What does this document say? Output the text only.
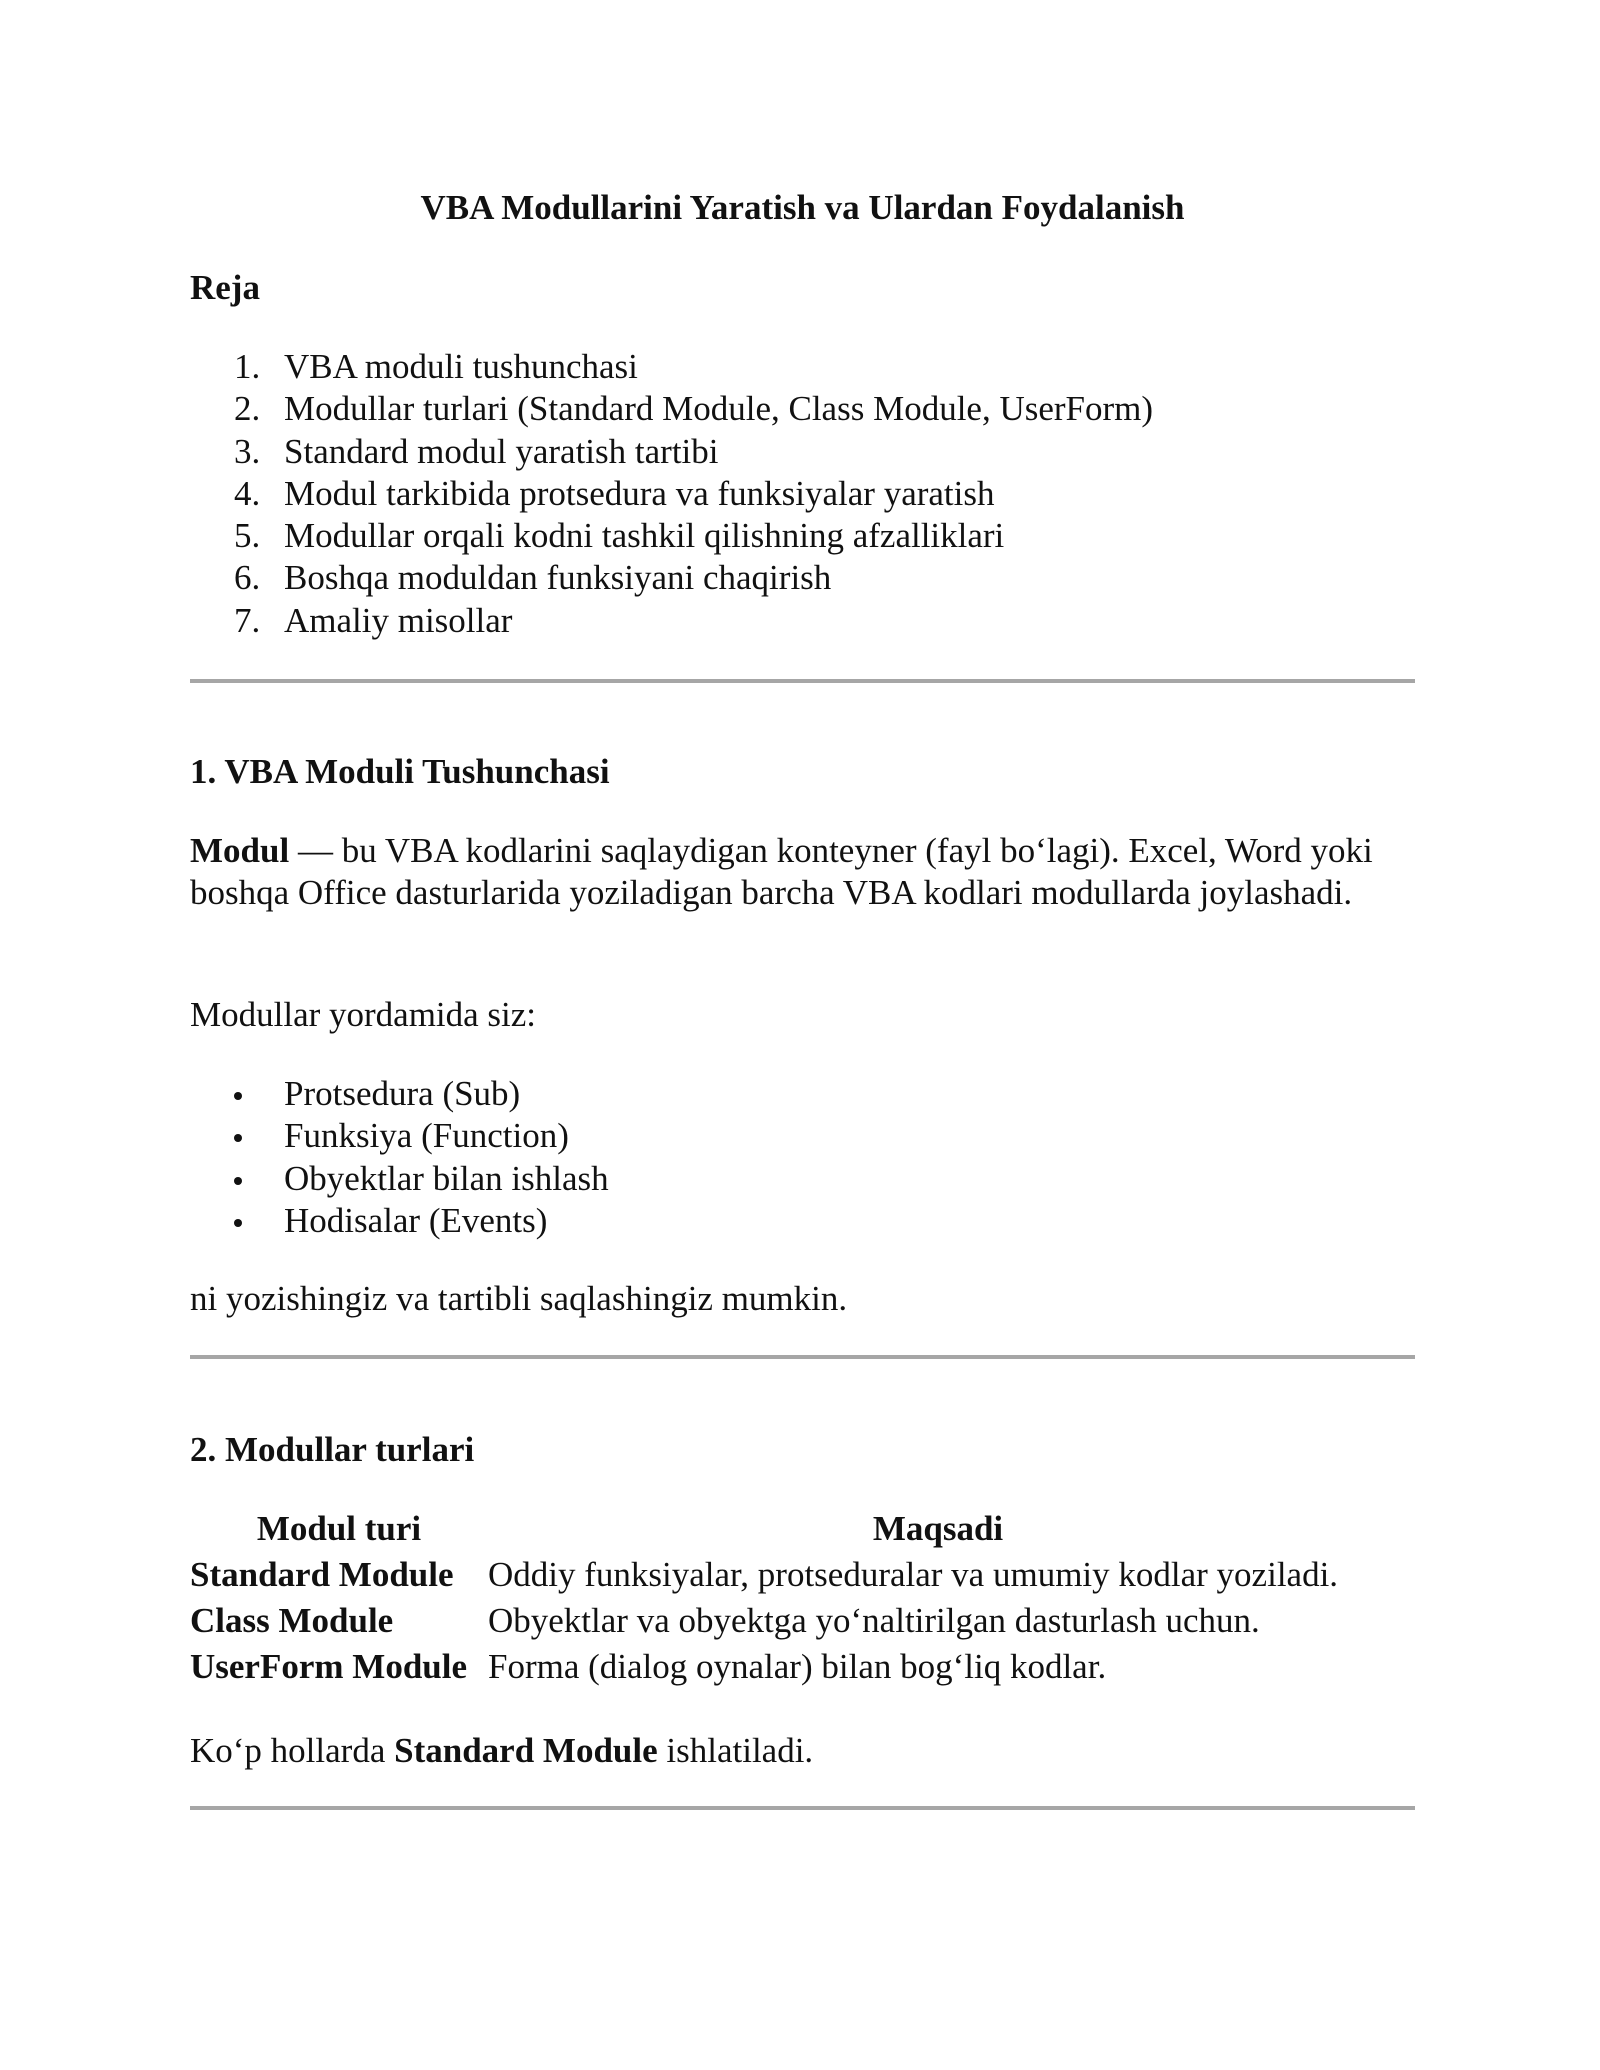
VBA Modullarini Yaratish va Ulardan Foydalanish
Reja
1. VBA moduli tushunchasi
2. Modullar turlari (Standard Module, Class Module, UserForm)
3. Standard modul yaratish tartibi
4. Modul tarkibida protsedura va funksiyalar yaratish
5. Modullar orqali kodni tashkil qilishning afzalliklari
6. Boshqa moduldan funksiyani chaqirish
7. Amaliy misollar
1. VBA Moduli Tushunchasi

Modul — bu VBA kodlarini saqlaydigan konteyner (fayl bo‘lagi). Excel, Word yoki boshqa Office dasturlarida yoziladigan barcha VBA kodlari modullarda joylashadi.

Modullar yordamida siz:

Protsedura (Sub)
Funksiya (Function)
Obyektlar bilan ishlash
Hodisalar (Events)

ni yozishingiz va tartibli saqlashingiz mumkin.

2. Modullar turlari
Modul turi	Maqsadi
Standard Module	Oddiy funksiyalar, protseduralar va umumiy kodlar yoziladi.
Class Module	Obyektlar va obyektga yo‘naltirilgan dasturlash uchun.
UserForm Module	Forma (dialog oynalar) bilan bog‘liq kodlar.

Ko‘p hollarda Standard Module ishlatiladi.
